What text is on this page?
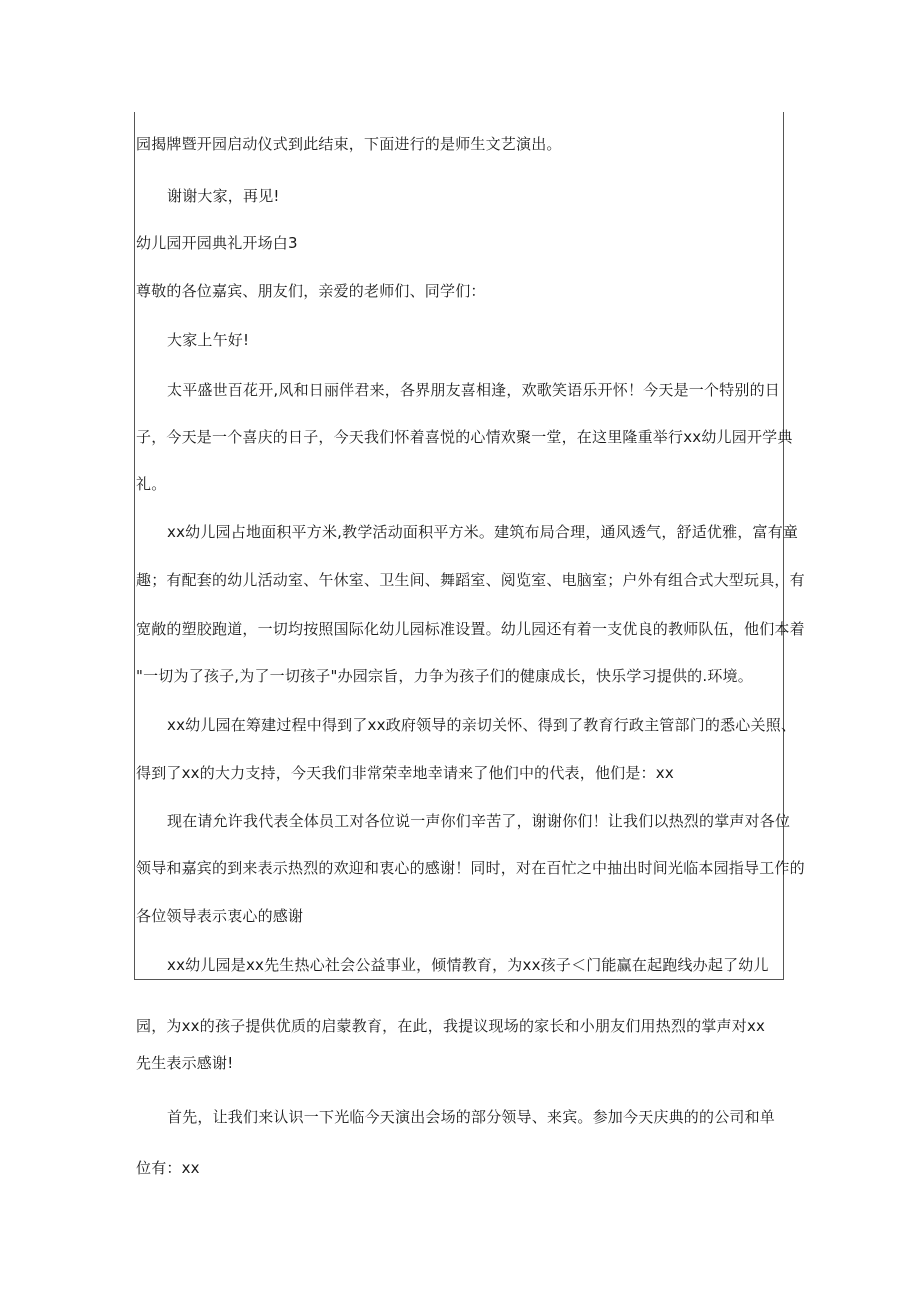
园揭牌暨开园启动仪式到此结束，下面进行的是师生文艺演出。
谢谢大家，再见!
幼儿园开园典礼开场白3
尊敬的各位嘉宾、朋友们，亲爱的老师们、同学们：
大家上午好!
太平盛世百花开,风和日丽伴君来，各界朋友喜相逢，欢歌笑语乐开怀！今天是一个特别的日
子，今天是一个喜庆的日子，今天我们怀着喜悦的心情欢聚一堂，在这里隆重举行xx幼儿园开学典
礼。
xx幼儿园占地面积平方米,教学活动面积平方米。建筑布局合理，通风透气，舒适优雅，富有童
趣；有配套的幼儿活动室、午休室、卫生间、舞蹈室、阅览室、电脑室；户外有组合式大型玩具，有
宽敞的塑胶跑道，一切均按照国际化幼儿园标准设置。幼儿园还有着一支优良的教师队伍，他们本着
"一切为了孩子,为了一切孩子"办园宗旨，力争为孩子们的健康成长，快乐学习提供的.环境。
xx幼儿园在筹建过程中得到了xx政府领导的亲切关怀、得到了教育行政主管部门的悉心关照、
得到了xx的大力支持，今天我们非常荣幸地幸请来了他们中的代表，他们是：xx
现在请允许我代表全体员工对各位说一声你们辛苦了，谢谢你们！让我们以热烈的掌声对各位
领导和嘉宾的到来表示热烈的欢迎和衷心的感谢！同时，对在百忙之中抽出时间光临本园指导工作的
各位领导表示衷心的感谢
xx幼儿园是xx先生热心社会公益事业，倾情教育，为xx孩子＜门能赢在起跑线办起了幼儿
园，为xx的孩子提供优质的启蒙教育，在此，我提议现场的家长和小朋友们用热烈的掌声对xx
先生表示感谢!
首先，让我们来认识一下光临今天演出会场的部分领导、来宾。参加今天庆典的的公司和单
位有：xx
